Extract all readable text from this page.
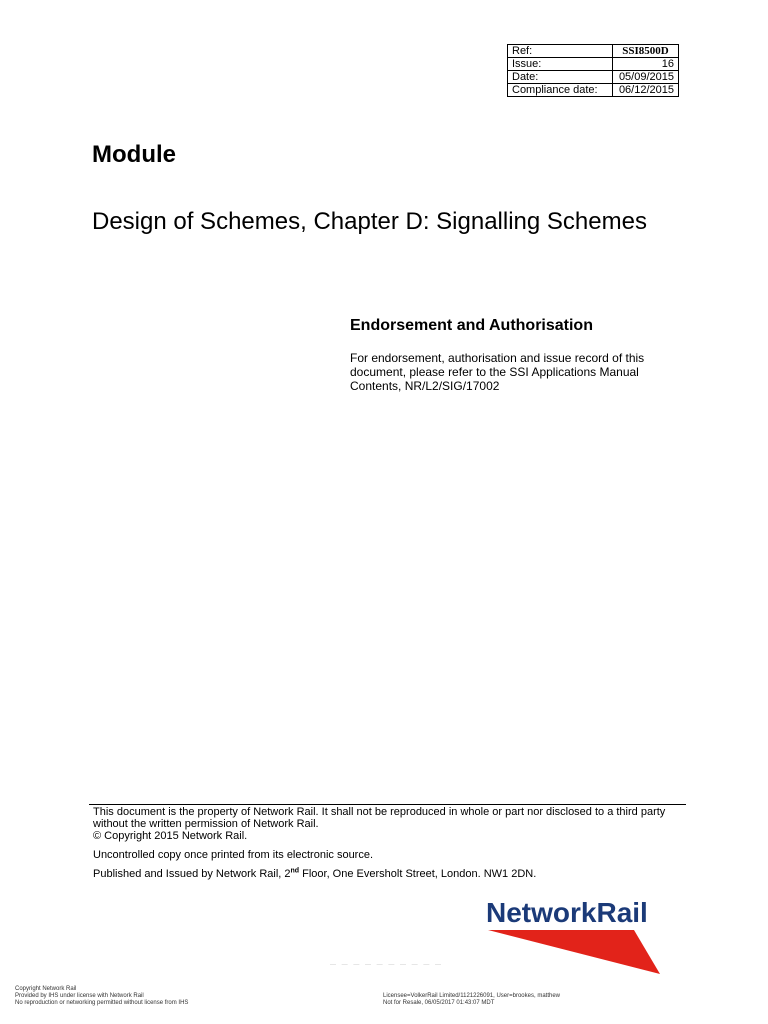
Ref:	SSI8500D
Issue:	16
Date:	05/09/2015
Compliance date:	06/12/2015
Module
Design of Schemes, Chapter D: Signalling Schemes
Endorsement and Authorisation
For endorsement, authorisation and issue record of this document, please refer to the SSI Applications Manual Contents, NR/L2/SIG/17002

This document is the property of Network Rail. It shall not be reproduced in whole or part nor disclosed to a third party without the written permission of Network Rail.

© Copyright 2015 Network Rail.

Uncontrolled copy once printed from its electronic source.

Published and Issued by Network Rail, 2nd Floor, One Eversholt Street, London. NW1 2DN.

NetworkRail
— — — — — — — — — —
Copyright Network Rail
Provided by IHS under license with Network Rail
No reproduction or networking permitted without license from IHS
Licensee=VolkerRail Limited/1121226091, User=brookes, matthew
Not for Resale, 06/05/2017 01:43:07 MDT
